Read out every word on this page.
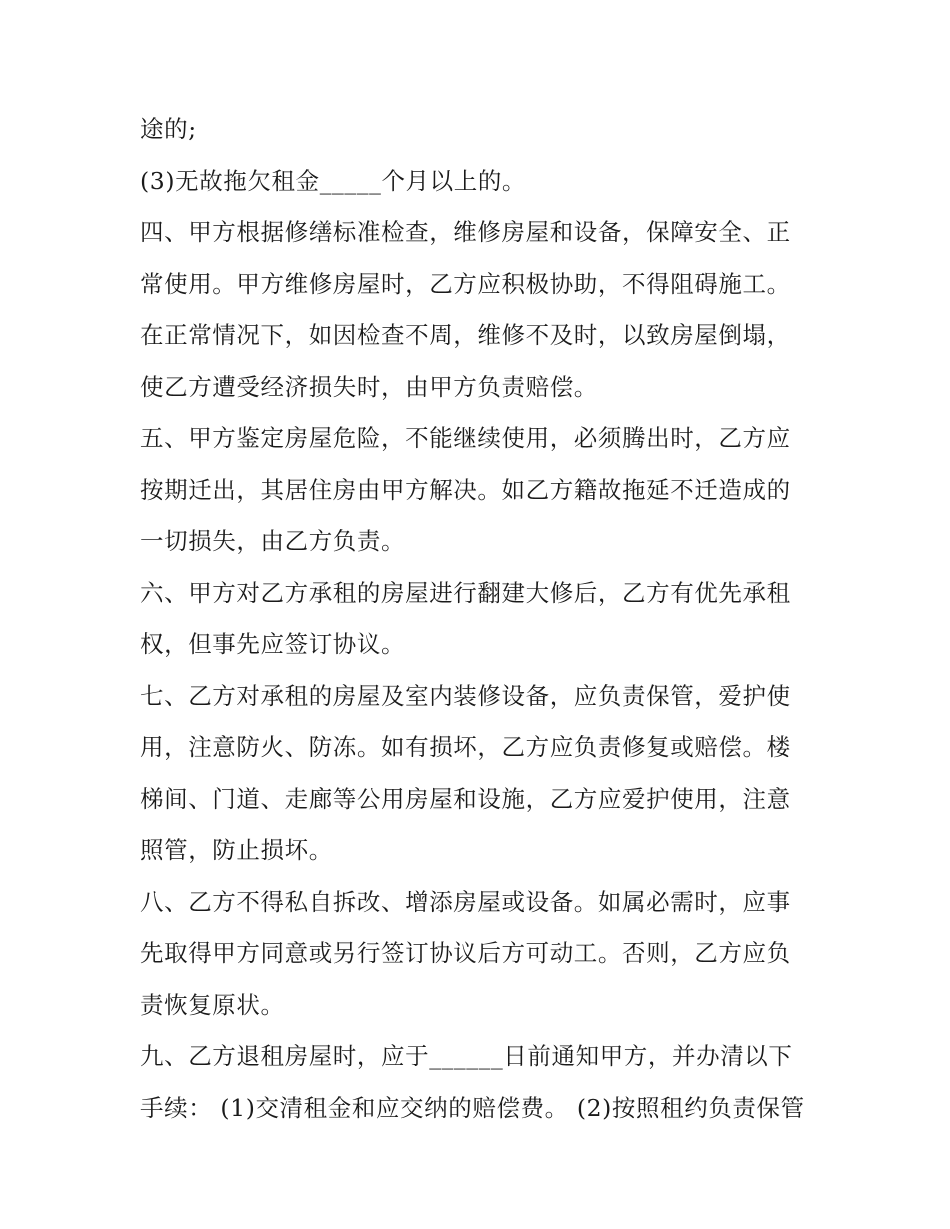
途的;
(3)无故拖欠租金_____个月以上的。
四、甲方根据修缮标准检查，维修房屋和设备，保障安全、正
常使用。甲方维修房屋时，乙方应积极协助，不得阻碍施工。
在正常情况下，如因检查不周，维修不及时，以致房屋倒塌，
使乙方遭受经济损失时，由甲方负责赔偿。
五、甲方鉴定房屋危险，不能继续使用，必须腾出时，乙方应
按期迁出，其居住房由甲方解决。如乙方籍故拖延不迁造成的
一切损失，由乙方负责。
六、甲方对乙方承租的房屋进行翻建大修后，乙方有优先承租
权，但事先应签订协议。
七、乙方对承租的房屋及室内装修设备，应负责保管，爱护使
用，注意防火、防冻。如有损坏，乙方应负责修复或赔偿。楼
梯间、门道、走廊等公用房屋和设施，乙方应爱护使用，注意
照管，防止损坏。
八、乙方不得私自拆改、增添房屋或设备。如属必需时，应事
先取得甲方同意或另行签订协议后方可动工。否则，乙方应负
责恢复原状。
九、乙方退租房屋时，应于______日前通知甲方，并办清以下
手续： (1)交清租金和应交纳的赔偿费。 (2)按照租约负责保管
